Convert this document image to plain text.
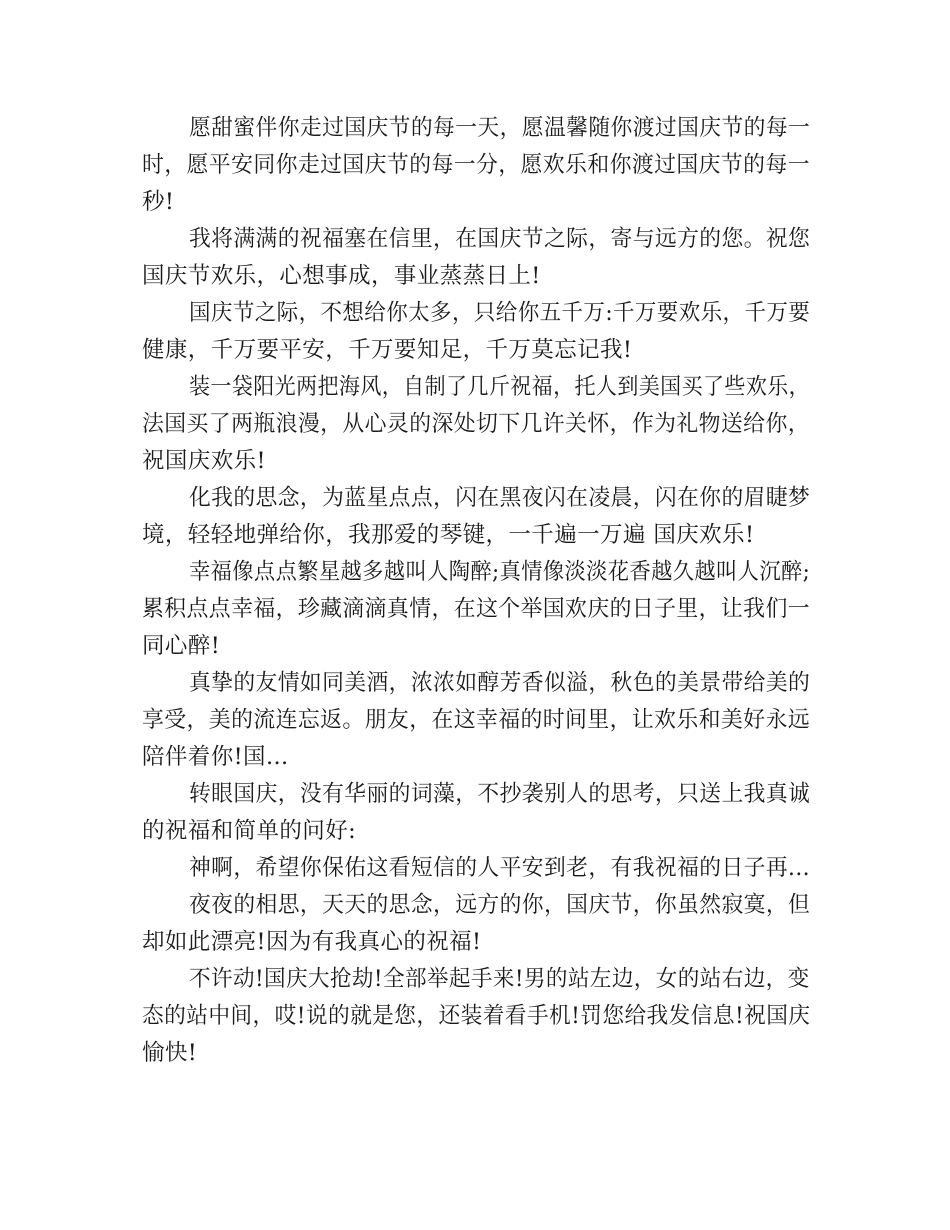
愿甜蜜伴你走过国庆节的每一天，愿温馨随你渡过国庆节的每一
时，愿平安同你走过国庆节的每一分，愿欢乐和你渡过国庆节的每一
秒!
我将满满的祝福塞在信里，在国庆节之际，寄与远方的您。祝您
国庆节欢乐，心想事成，事业蒸蒸日上!
国庆节之际，不想给你太多，只给你五千万:千万要欢乐，千万要
健康，千万要平安，千万要知足，千万莫忘记我!
装一袋阳光两把海风，自制了几斤祝福，托人到美国买了些欢乐，
法国买了两瓶浪漫，从心灵的深处切下几许关怀，作为礼物送给你，
祝国庆欢乐!
化我的思念，为蓝星点点，闪在黑夜闪在凌晨，闪在你的眉睫梦
境，轻轻地弹给你，我那爱的琴键，一千遍一万遍 国庆欢乐!
幸福像点点繁星越多越叫人陶醉;真情像淡淡花香越久越叫人沉醉;
累积点点幸福，珍藏滴滴真情，在这个举国欢庆的日子里，让我们一
同心醉!
真挚的友情如同美酒，浓浓如醇芳香似溢，秋色的美景带给美的
享受，美的流连忘返。朋友，在这幸福的时间里，让欢乐和美好永远
陪伴着你!国...
转眼国庆，没有华丽的词藻，不抄袭别人的思考，只送上我真诚
的祝福和简单的问好:
神啊，希望你保佑这看短信的人平安到老，有我祝福的日子再...
夜夜的相思，天天的思念，远方的你，国庆节，你虽然寂寞，但
却如此漂亮!因为有我真心的祝福!
不许动!国庆大抢劫!全部举起手来!男的站左边，女的站右边，变
态的站中间，哎!说的就是您，还装着看手机!罚您给我发信息!祝国庆
愉快!
